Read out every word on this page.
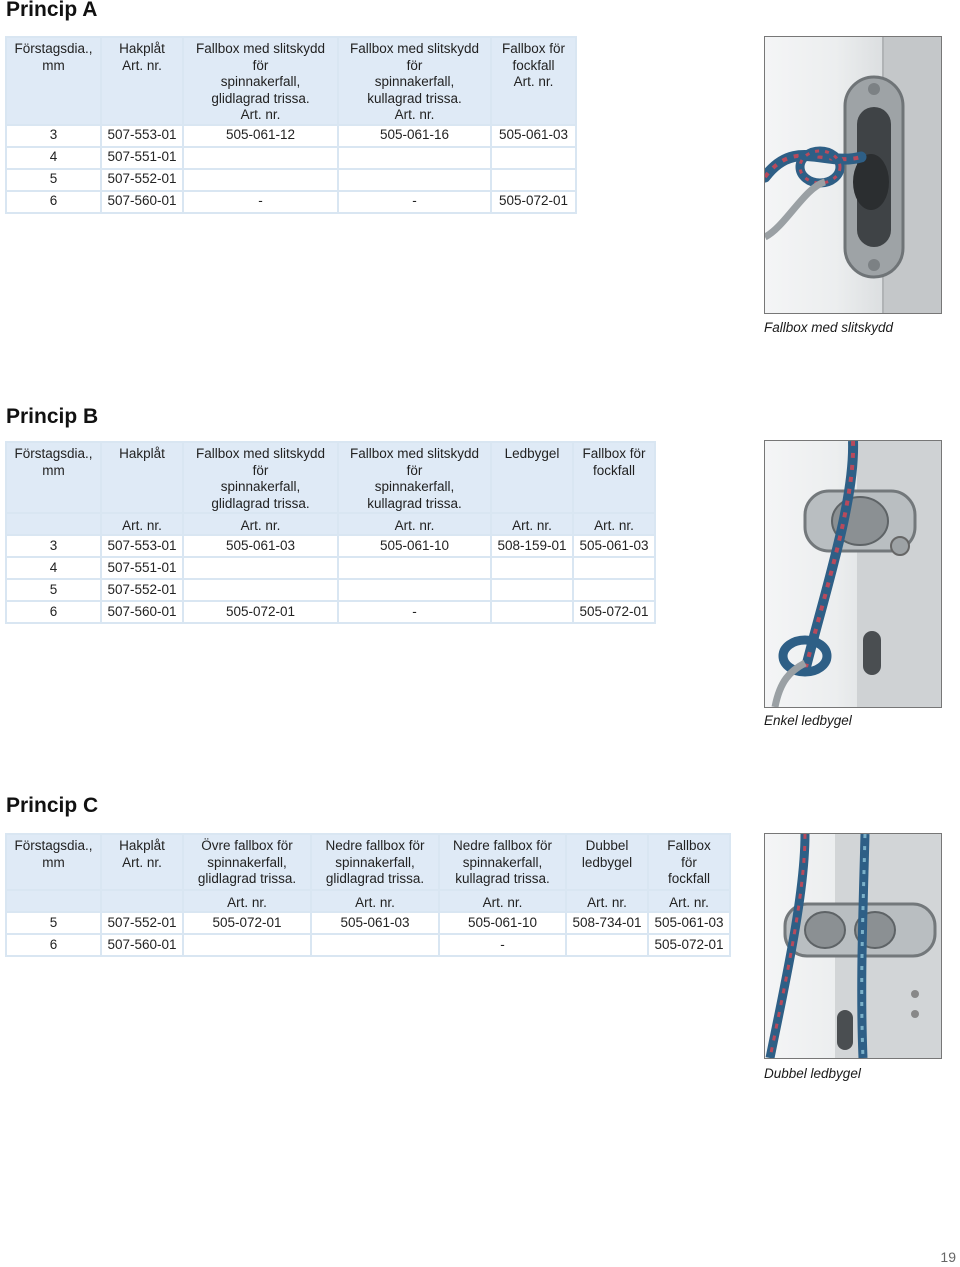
Princip A
Förstagsdia.,
mm	Hakplåt
Art. nr.	Fallbox med slitskydd
för
spinnakerfall,
glidlagrad trissa.
Art. nr.	Fallbox med slitskydd
för
spinnakerfall,
kullagrad trissa.
Art. nr.	Fallbox för
fockfall
Art. nr.

3	507-553-01	505-061-12	505-061-16	505-061-03
4	507-551-01			
5	507-552-01			
6	507-560-01	-	-	505-072-01
Fallbox med slitskydd
Princip B
Förstagsdia.,
mm	Hakplåt	Fallbox med slitskydd
för
spinnakerfall,
glidlagrad trissa.	Fallbox med slitskydd
för
spinnakerfall,
kullagrad trissa.	Ledbygel	Fallbox för
fockfall

	Art. nr.	Art. nr.	Art. nr.	Art. nr.	Art. nr.
3	507-553-01	505-061-03	505-061-10	508-159-01	505-061-03
4	507-551-01				
5	507-552-01				
6	507-560-01	505-072-01	-		505-072-01
Enkel ledbygel
Princip C
Förstagsdia.,
mm	Hakplåt
Art. nr.	Övre fallbox för
spinnakerfall,
glidlagrad trissa.	Nedre fallbox för
spinnakerfall,
glidlagrad trissa.	Nedre fallbox för
spinnakerfall,
kullagrad trissa.	Dubbel
ledbygel	Fallbox
för
fockfall

		Art. nr.	Art. nr.	Art. nr.	Art. nr.	Art. nr.
5	507-552-01	505-072-01	505-061-03	505-061-10	508-734-01	505-061-03
6	507-560-01			-		505-072-01
Dubbel ledbygel
19
